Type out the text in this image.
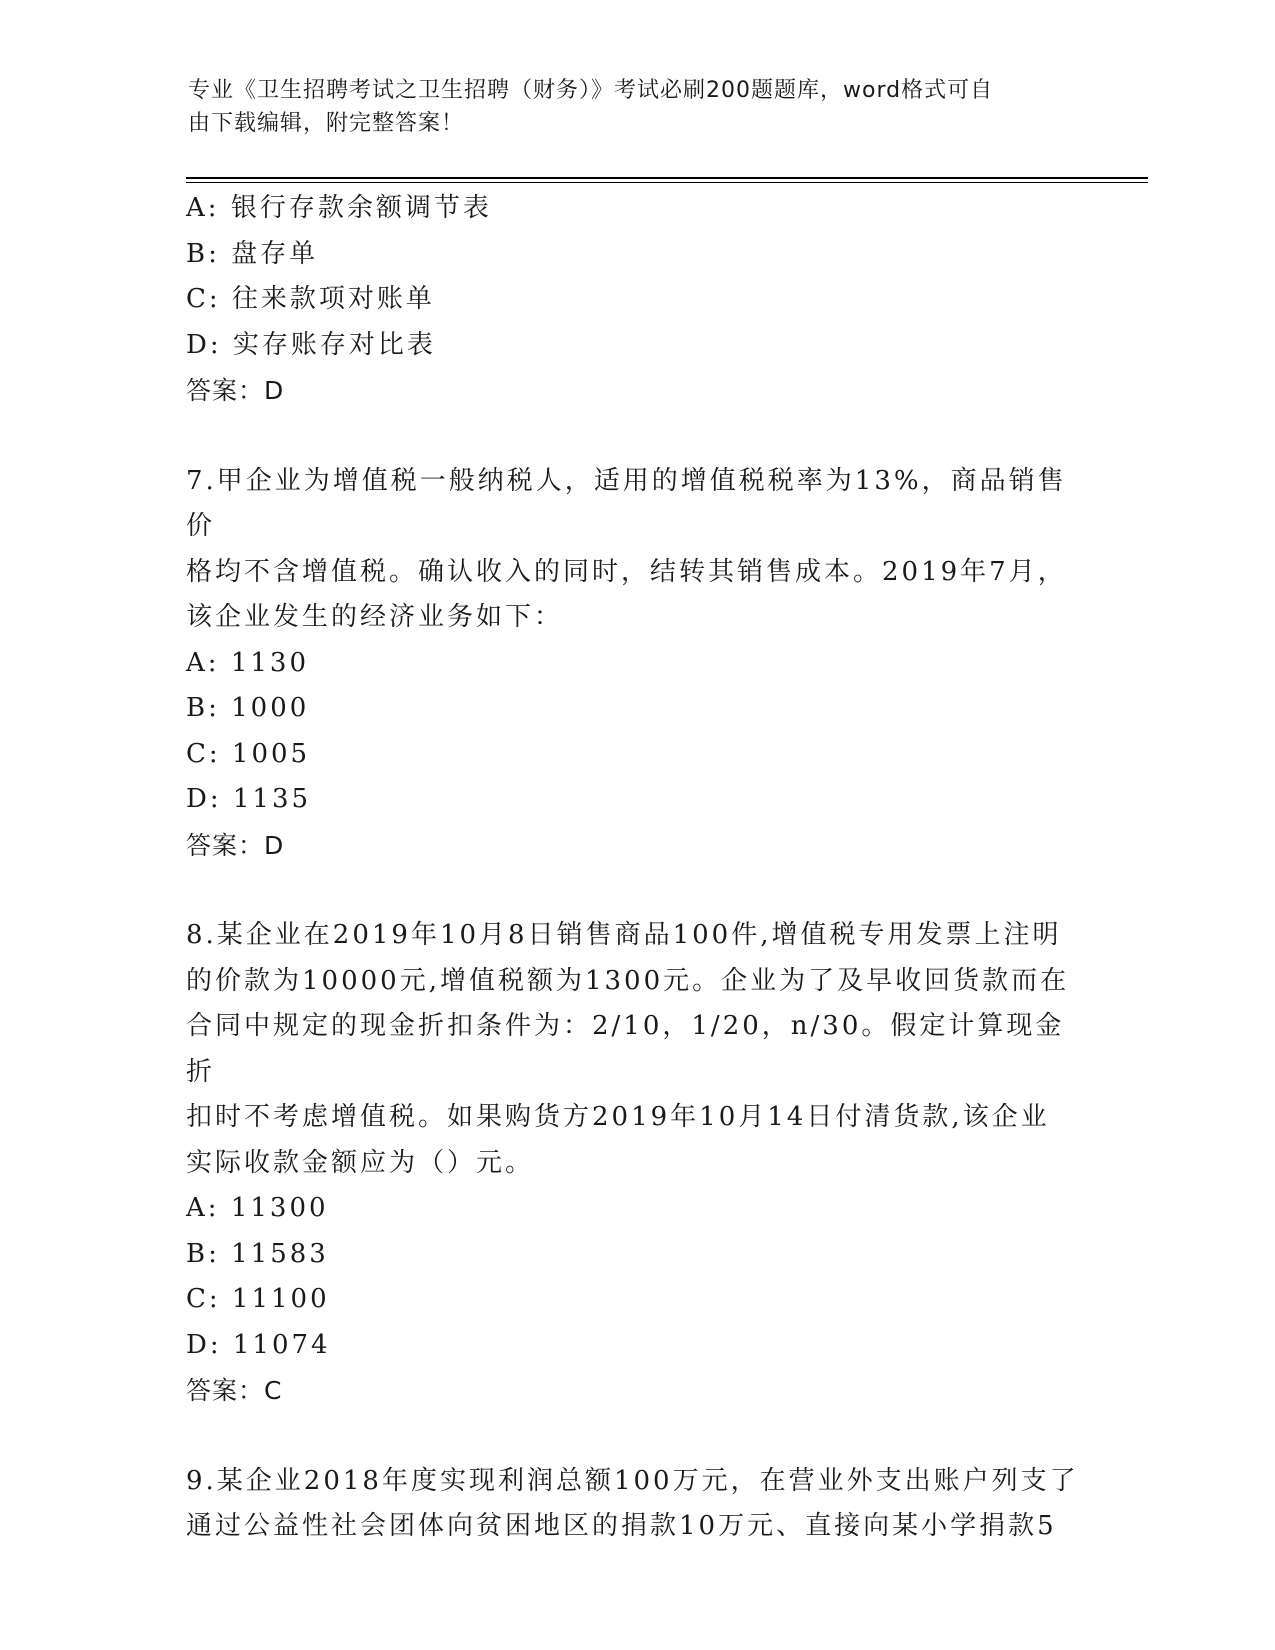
专业《卫生招聘考试之卫生招聘（财务）》考试必刷200题题库，word格式可自
由下载编辑，附完整答案！
A: 银行存款余额调节表
B: 盘存单
C: 往来款项对账单
D: 实存账存对比表
答案：D
7.甲企业为增值税一般纳税人，适用的增值税税率为13%，商品销售价
格均不含增值税。确认收入的同时，结转其销售成本。2019年7月，
该企业发生的经济业务如下：
A: 1130
B: 1000
C: 1005
D: 1135
答案：D
8.某企业在2019年10月8日销售商品100件,增值税专用发票上注明
的价款为10000元,增值税额为1300元。企业为了及早收回货款而在
合同中规定的现金折扣条件为：2/10，1/20，n/30。假定计算现金折
扣时不考虑增值税。如果购货方2019年10月14日付清货款,该企业
实际收款金额应为（）元。
A: 11300
B: 11583
C: 11100
D: 11074
答案：C
9.某企业2018年度实现利润总额100万元，在营业外支出账户列支了
通过公益性社会团体向贫困地区的捐款10万元、直接向某小学捐款5
